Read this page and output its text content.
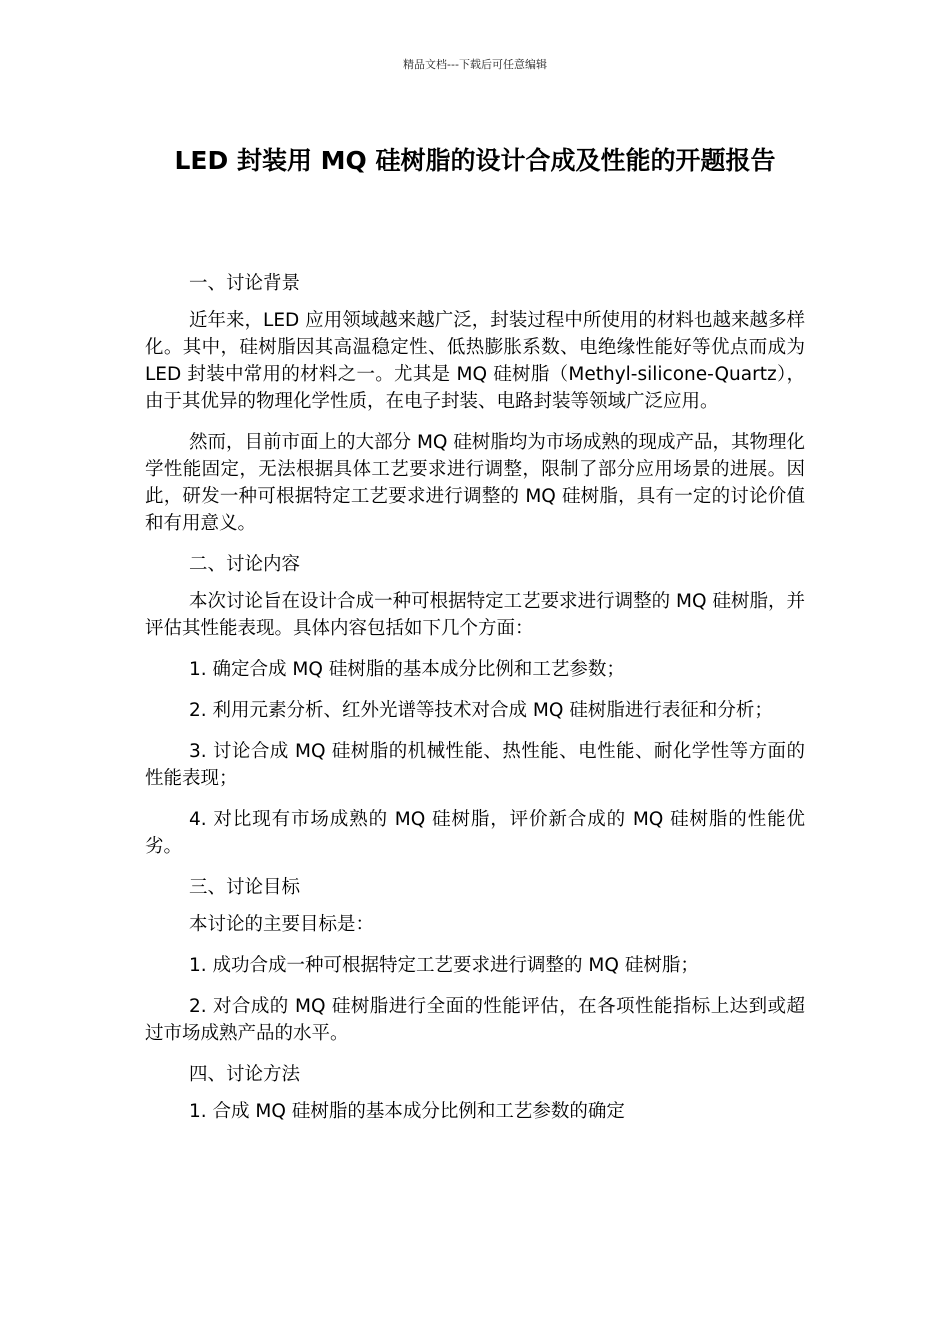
精品文档---下载后可任意编辑
LED 封装用 MQ 硅树脂的设计合成及性能的开题报告

一、讨论背景

近年来，LED 应用领域越来越广泛，封装过程中所使用的材料也越来越多样化。其中，硅树脂因其高温稳定性、低热膨胀系数、电绝缘性能好等优点而成为 LED 封装中常用的材料之一。尤其是 MQ 硅树脂（Methyl-silicone-Quartz），由于其优异的物理化学性质，在电子封装、电路封装等领域广泛应用。

然而，目前市面上的大部分 MQ 硅树脂均为市场成熟的现成产品，其物理化学性能固定，无法根据具体工艺要求进行调整，限制了部分应用场景的进展。因此，研发一种可根据特定工艺要求进行调整的 MQ 硅树脂，具有一定的讨论价值和有用意义。

二、讨论内容

本次讨论旨在设计合成一种可根据特定工艺要求进行调整的 MQ 硅树脂，并评估其性能表现。具体内容包括如下几个方面：

1. 确定合成 MQ 硅树脂的基本成分比例和工艺参数；

2. 利用元素分析、红外光谱等技术对合成 MQ 硅树脂进行表征和分析；

3. 讨论合成 MQ 硅树脂的机械性能、热性能、电性能、耐化学性等方面的性能表现；

4. 对比现有市场成熟的 MQ 硅树脂，评价新合成的 MQ 硅树脂的性能优劣。

三、讨论目标

本讨论的主要目标是：

1. 成功合成一种可根据特定工艺要求进行调整的 MQ 硅树脂；

2. 对合成的 MQ 硅树脂进行全面的性能评估，在各项性能指标上达到或超过市场成熟产品的水平。

四、讨论方法

1. 合成 MQ 硅树脂的基本成分比例和工艺参数的确定
